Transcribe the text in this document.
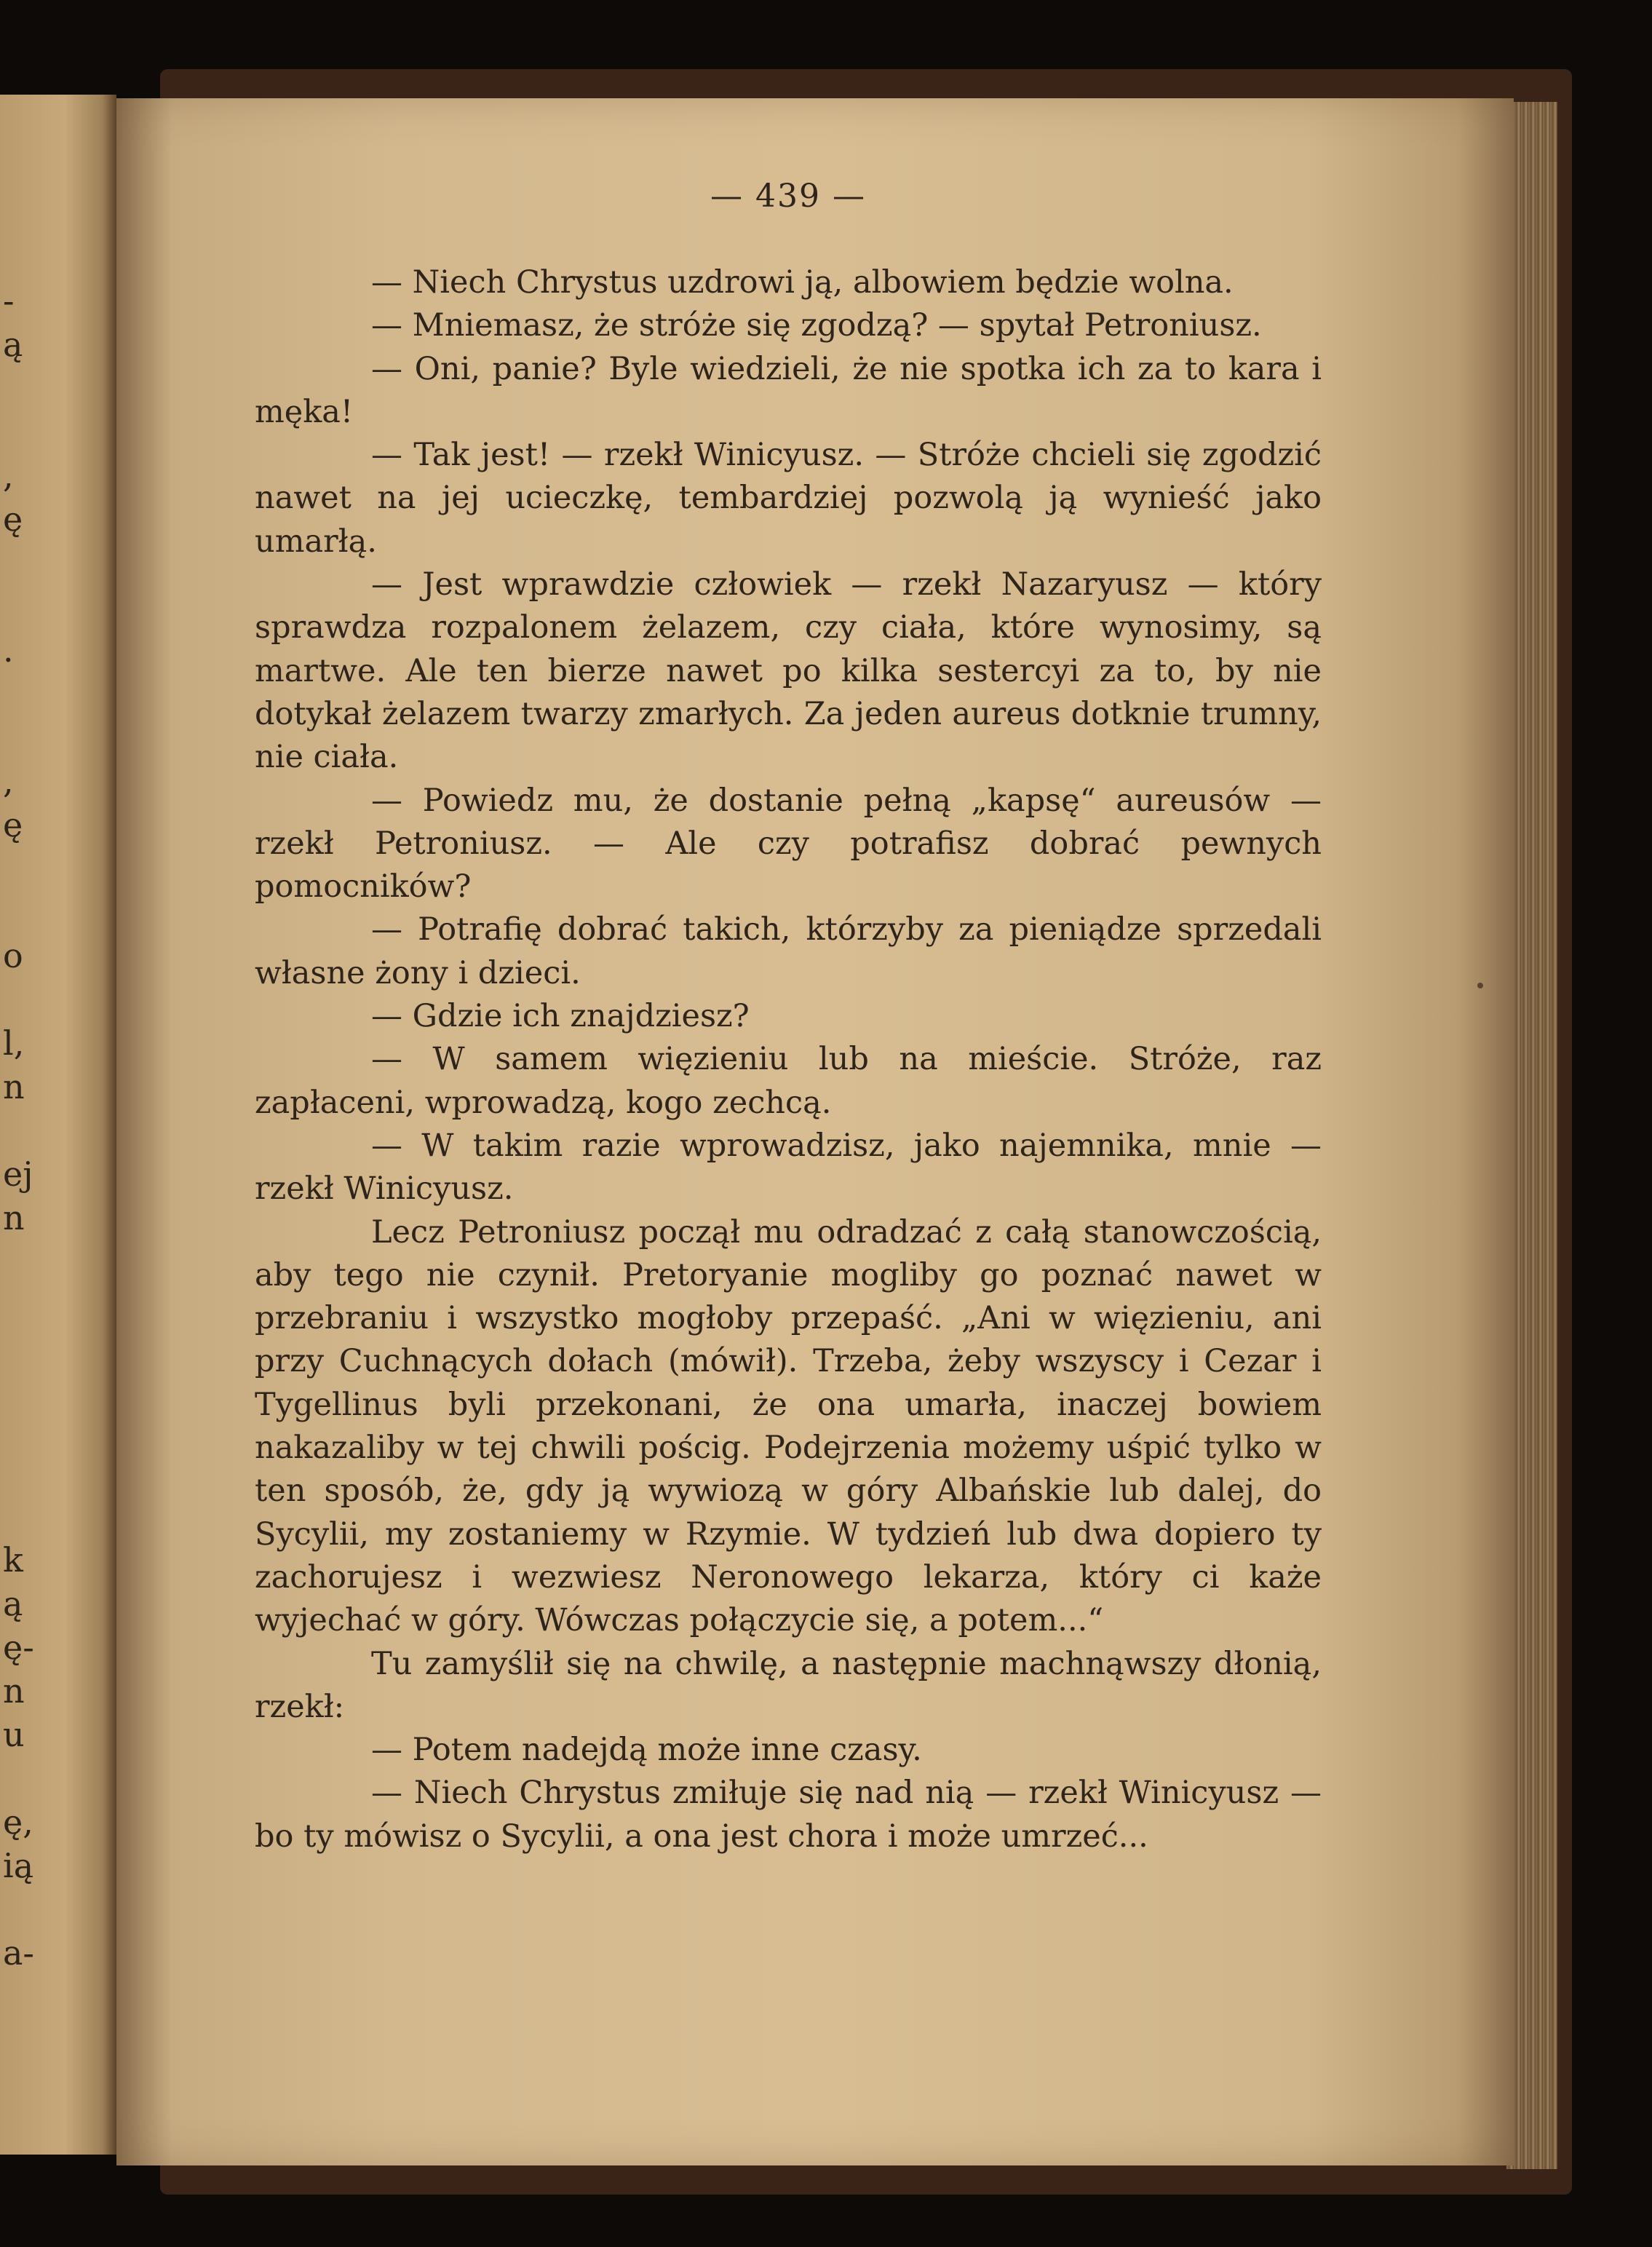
-
ą
,
ę
.
,
ę
o
l,
n
ej
n
k
ą
ę-
n
u
ę,
ią
a-
— 439 —

— Niech Chrystus uzdrowi ją, albowiem będzie wolna.

— Mniemasz, że stróże się zgodzą? — spytał Petroniusz.

— Oni, panie? Byle wiedzieli, że nie spotka ich za to kara i męka!

— Tak jest! — rzekł Winicyusz. — Stróże chcieli się zgodzić nawet na jej ucieczkę, tembardziej pozwolą ją wynieść jako umarłą.

— Jest wprawdzie człowiek — rzekł Nazaryusz — który sprawdza rozpalonem żelazem, czy ciała, które wynosimy, są martwe. Ale ten bierze nawet po kilka sestercyi za to, by nie dotykał żelazem twarzy zmarłych. Za jeden aureus dotknie trumny, nie ciała.

— Powiedz mu, że dostanie pełną „kapsę“ aureusów — rzekł Petroniusz. — Ale czy potrafisz dobrać pewnych pomocników?

— Potrafię dobrać takich, którzyby za pieniądze sprzedali własne żony i dzieci.

— Gdzie ich znajdziesz?

— W samem więzieniu lub na mieście. Stróże, raz zapłaceni, wprowadzą, kogo zechcą.

— W takim razie wprowadzisz, jako najemnika, mnie — rzekł Winicyusz.

Lecz Petroniusz począł mu odradzać z całą stanowczością, aby tego nie czynił. Pretoryanie mogliby go poznać nawet w przebraniu i wszystko mogłoby przepaść. „Ani w więzieniu, ani przy Cuchnących dołach (mówił). Trzeba, żeby wszyscy i Cezar i Tygellinus byli przekonani, że ona umarła, inaczej bowiem nakazaliby w tej chwili pościg. Podejrzenia możemy uśpić tylko w ten sposób, że, gdy ją wywiozą w góry Albańskie lub dalej, do Sycylii, my zostaniemy w Rzymie. W tydzień lub dwa dopiero ty zachorujesz i wezwiesz Neronowego lekarza, który ci każe wyjechać w góry. Wówczas połączycie się, a potem...“

Tu zamyślił się na chwilę, a następnie machnąwszy dłonią, rzekł:

— Potem nadejdą może inne czasy.

— Niech Chrystus zmiłuje się nad nią — rzekł Winicyusz — bo ty mówisz o Sycylii, a ona jest chora i może umrzeć...
